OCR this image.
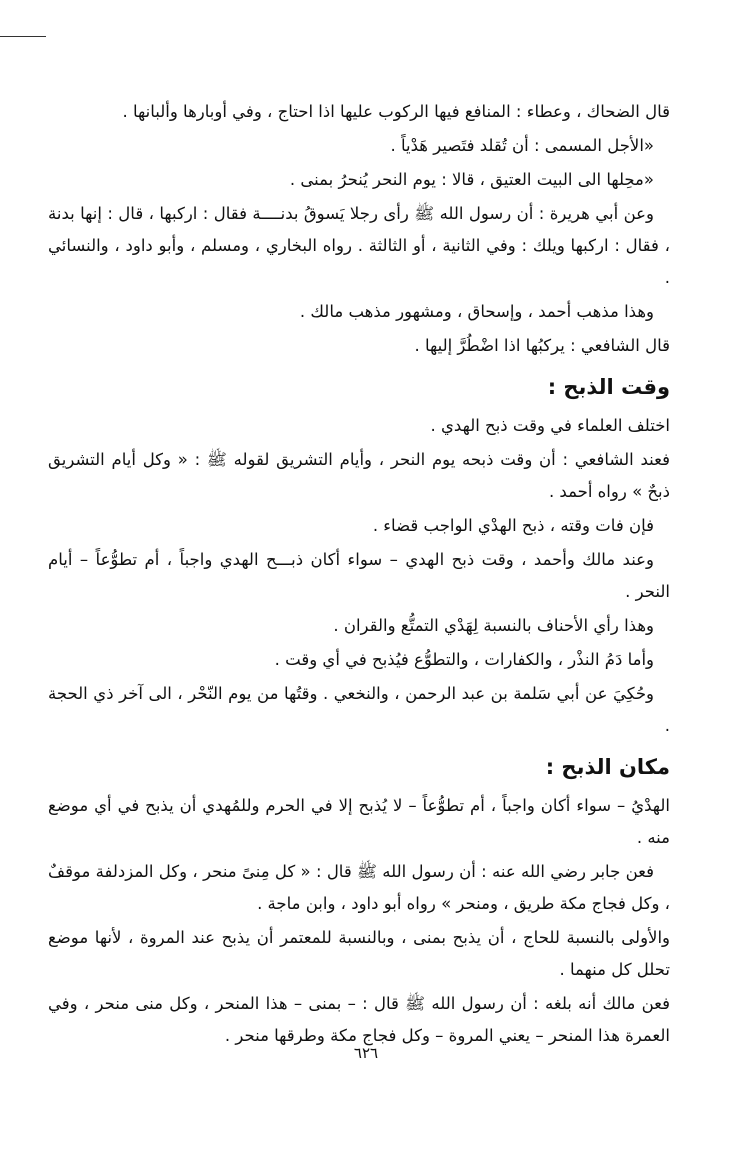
قال الضحاك ، وعطاء : المنافع فيها الركوب عليها اذا احتاج ، وفي أوبارها وألبانها .

«الأجل المسمى : أن تُقلد فتَصير هَدْياً .

«محِلها الى البيت العتيق ، قالا : يوم النحر يُنحرُ بمنى .

وعن أبي هريرة : أن رسول الله ﷺ رأى رجلا يَسوقُ بدنــــة فقال : اركبها ، قال : إنها بدنة ، فقال : اركبها ويلك : وفي الثانية ، أو الثالثة . رواه البخاري ، ومسلم ، وأبو داود ، والنسائي .

وهذا مذهب أحمد ، وإسحاق ، ومشهور مذهب مالك .

قال الشافعي : يركبُها اذا اضْطُرَّ إليها .

وقت الذبح :

اختلف العلماء في وقت ذبح الهدي .

فعند الشافعي : أن وقت ذبحه يوم النحر ، وأيام التشريق لقوله ﷺ : « وكل أيام التشريق ذبحٌ » رواه أحمد .

فإن فات وقته ، ذبح الهدْي الواجب قضاء .

وعند مالك وأحمد ، وقت ذبح الهدي – سواء أكان ذبـــح الهدي واجباً ، أم تطوُّعاً – أيام النحر .

وهذا رأي الأحناف بالنسبة لِهَدْي التمتُّع والقران .

وأما دَمُ النذْر ، والكفارات ، والتطوُّع فيُذبح في أي وقت .

وحُكِيَ عن أبي سَلمة بن عبد الرحمن ، والنخعي . وقتُها من يوم النّحْر ، الى آخر ذي الحجة .

مكان الذبح :

الهدْيُ – سواء أكان واجباً ، أم تطوُّعاً – لا يُذبح إلا في الحرم وللمُهدي أن يذبح في أي موضع منه .

فعن جابر رضي الله عنه : أن رسول الله ﷺ قال : « كل مِنىً منحر ، وكل المزدلفة موقفٌ ، وكل فجاج مكة طريق ، ومنحر » رواه أبو داود ، وابن ماجة .

والأولى بالنسبة للحاج ، أن يذبح بمنى ، وبالنسبة للمعتمر أن يذبح عند المروة ، لأنها موضع تحلل كل منهما .

فعن مالك أنه بلغه : أن رسول الله ﷺ قال : – بمنى – هذا المنحر ، وكل منى منحر ، وفي العمرة هذا المنحر – يعني المروة – وكل فجاج مكة وطرقها منحر .

٦٢٦
